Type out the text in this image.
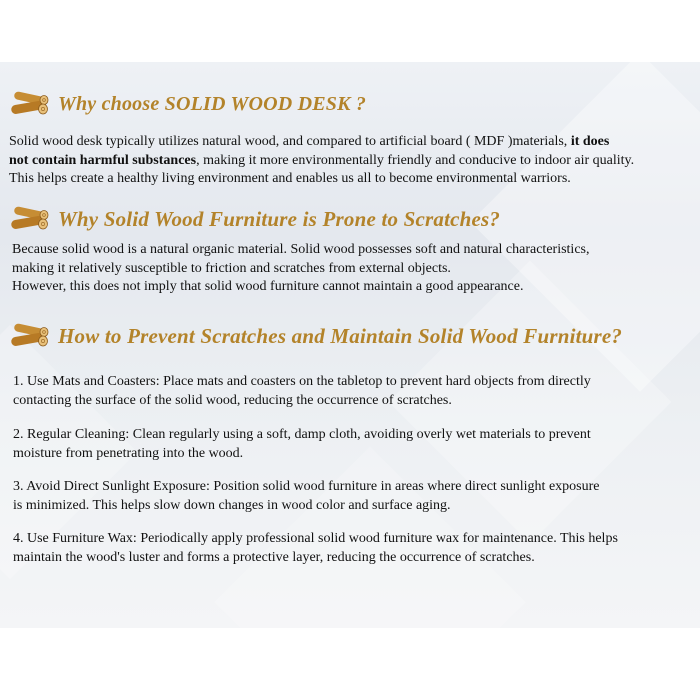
Why choose SOLID WOOD DESK ?

Solid wood desk typically utilizes natural wood, and compared to artificial board ( MDF )materials, it does
not contain harmful substances, making it more environmentally friendly and conducive to indoor air quality.
This helps create a healthy living environment and enables us all to become environmental warriors.

Why Solid Wood Furniture is Prone to Scratches?

Because solid wood is a natural organic material. Solid wood possesses soft and natural characteristics,
making it relatively susceptible to friction and scratches from external objects.
However, this does not imply that solid wood furniture cannot maintain a good appearance.

How to Prevent Scratches and Maintain Solid Wood Furniture?

1. Use Mats and Coasters: Place mats and coasters on the tabletop to prevent hard objects from directly
contacting the surface of the solid wood, reducing the occurrence of scratches.

2. Regular Cleaning: Clean regularly using a soft, damp cloth, avoiding overly wet materials to prevent
moisture from penetrating into the wood.

3. Avoid Direct Sunlight Exposure: Position solid wood furniture in areas where direct sunlight exposure
is minimized. This helps slow down changes in wood color and surface aging.

4. Use Furniture Wax: Periodically apply professional solid wood furniture wax for maintenance. This helps
maintain the wood's luster and forms a protective layer, reducing the occurrence of scratches.
